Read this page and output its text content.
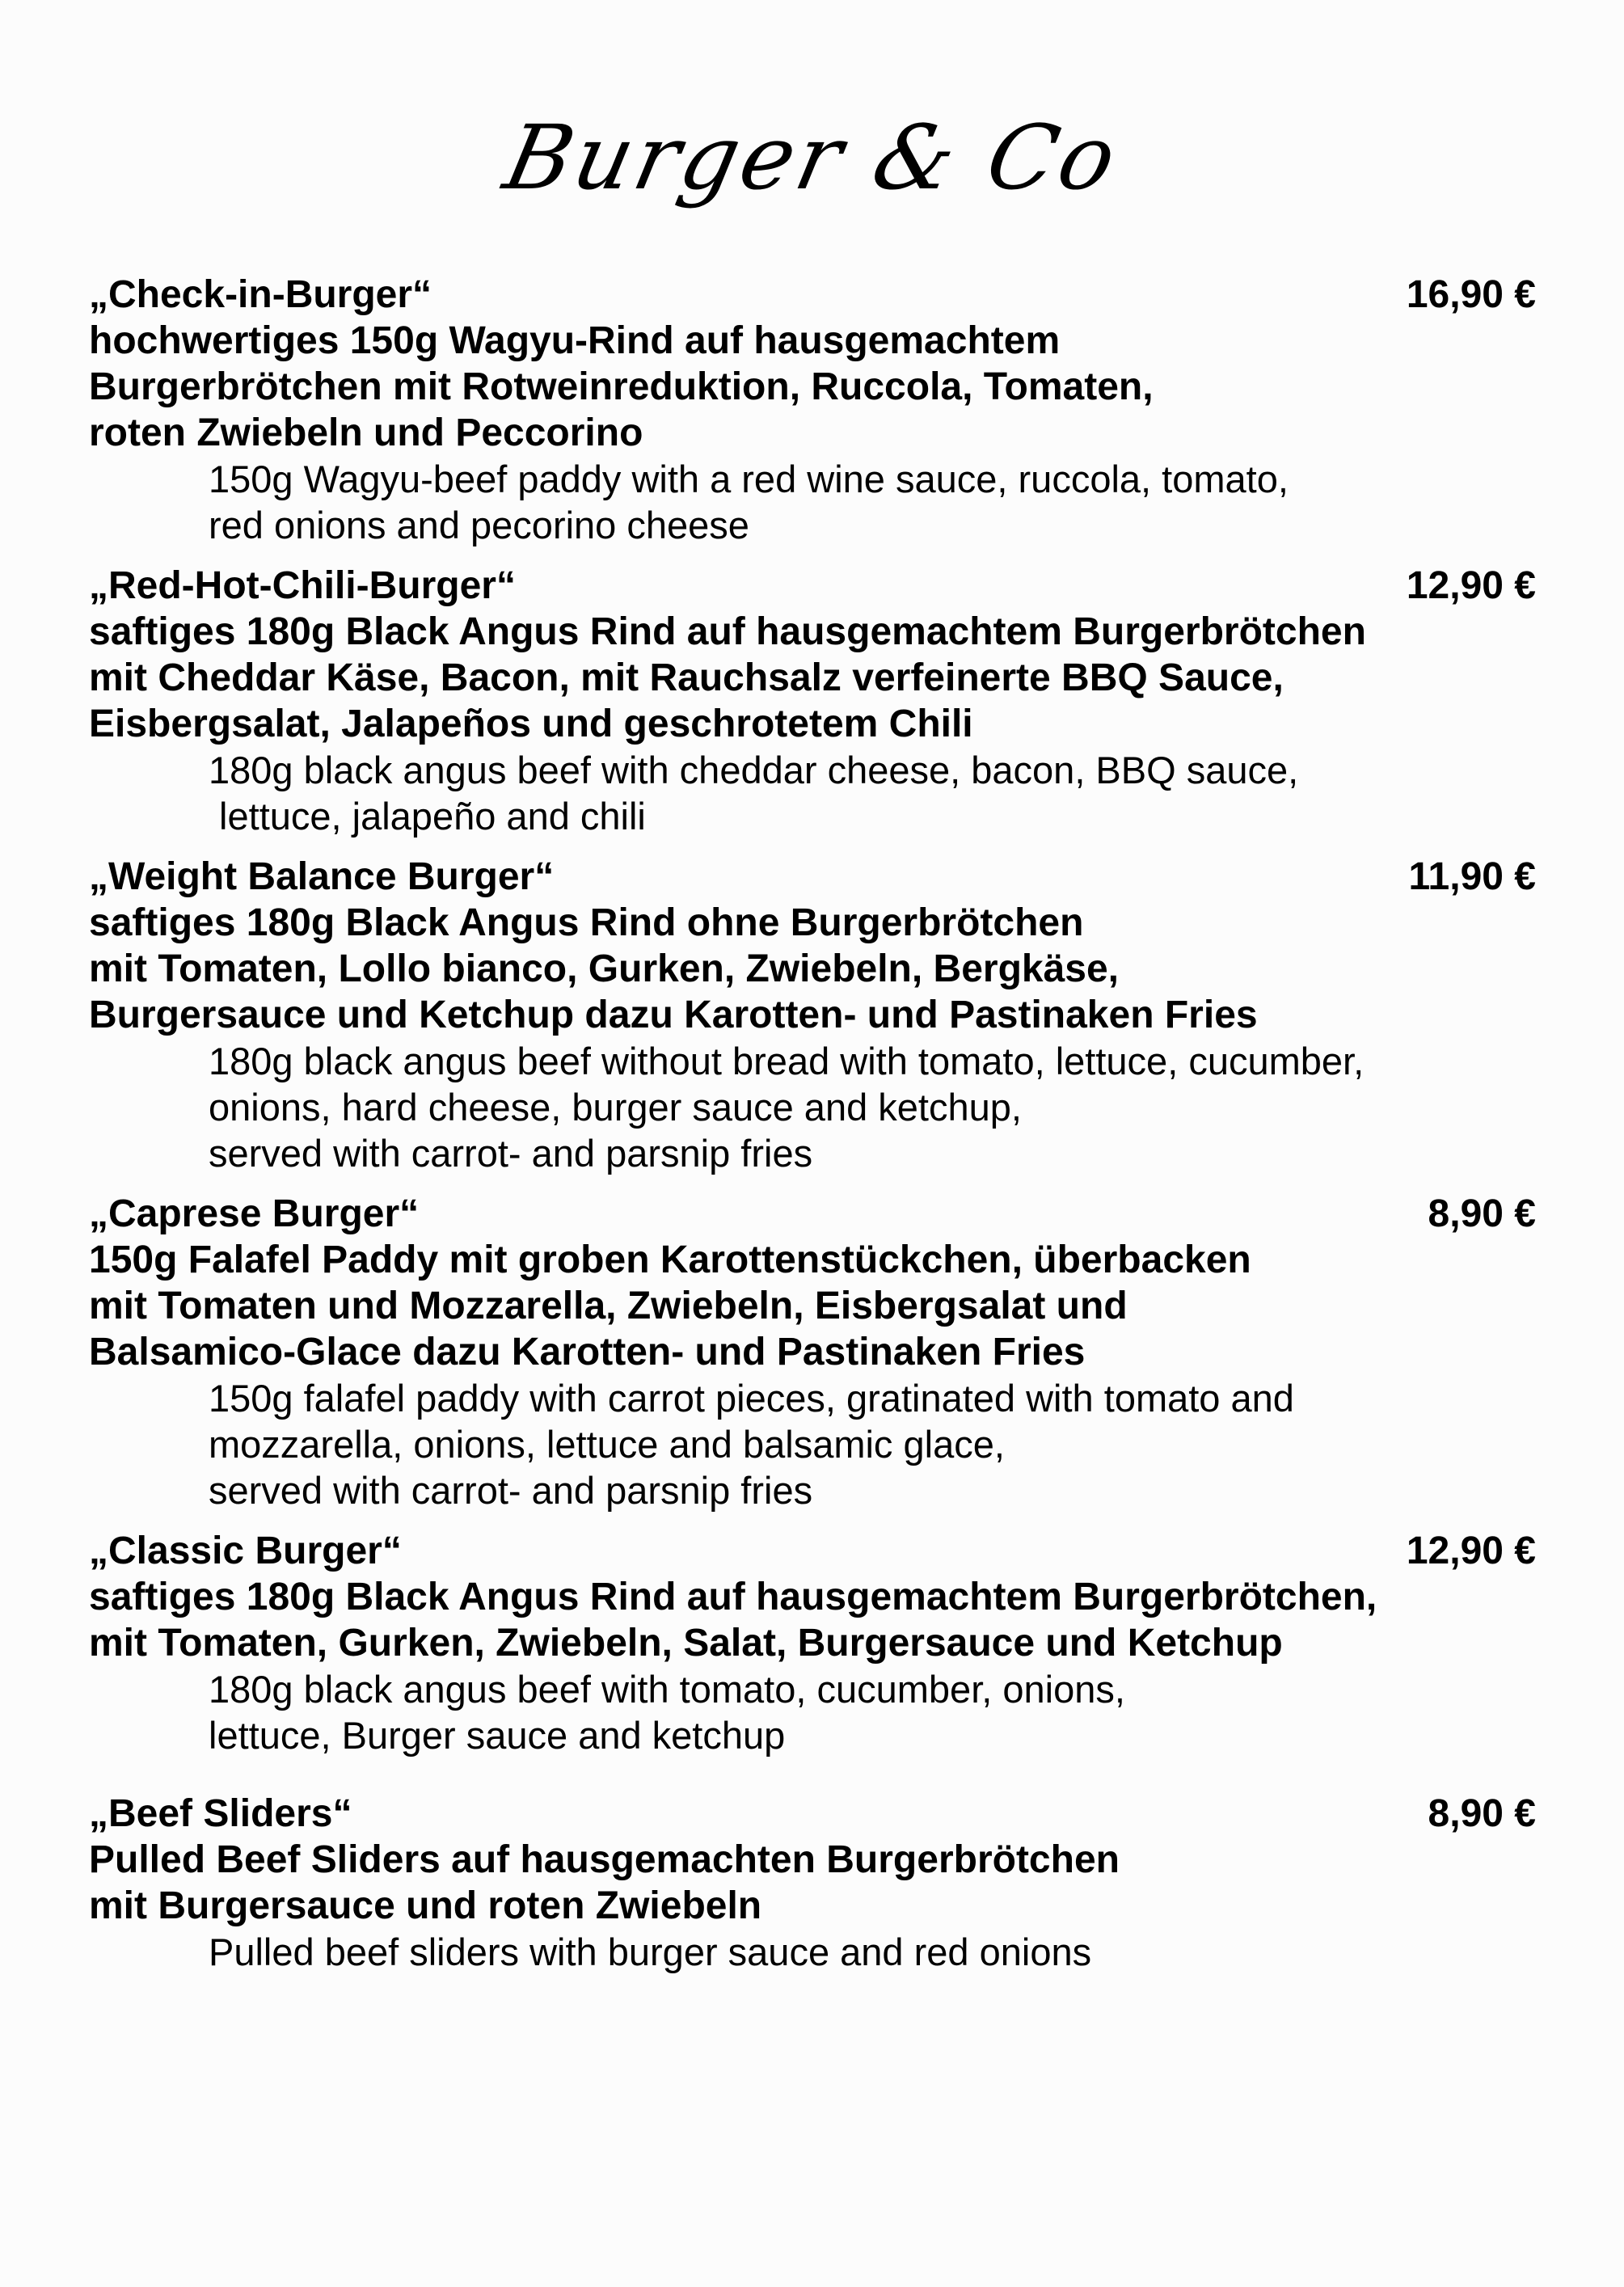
Burger & Co
„Check-in-Burger“	16,90 €
hochwertiges 150g Wagyu-Rind auf hausgemachtem
Burgerbrötchen mit Rotweinreduktion, Ruccola, Tomaten,
roten Zwiebeln und Peccorino
150g Wagyu-beef paddy with a red wine sauce, ruccola, tomato,
red onions and pecorino cheese
„Red-Hot-Chili-Burger“	12,90 €
saftiges 180g Black Angus Rind auf hausgemachtem Burgerbrötchen
mit Cheddar Käse, Bacon, mit Rauchsalz verfeinerte BBQ Sauce,
Eisbergsalat, Jalapeños und geschrotetem Chili
180g black angus beef with cheddar cheese, bacon, BBQ sauce,
lettuce, jalapeño and chili
„Weight Balance Burger“	11,90 €
saftiges 180g Black Angus Rind ohne Burgerbrötchen
mit Tomaten, Lollo bianco, Gurken, Zwiebeln, Bergkäse,
Burgersauce und Ketchup dazu Karotten- und Pastinaken Fries
180g black angus beef without bread with tomato, lettuce, cucumber,
onions, hard cheese, burger sauce and ketchup,
served with carrot- and parsnip fries
„Caprese Burger“	8,90 €
150g Falafel Paddy mit groben Karottenstückchen, überbacken
mit Tomaten und Mozzarella, Zwiebeln, Eisbergsalat und
Balsamico-Glace dazu Karotten- und Pastinaken Fries
150g falafel paddy with carrot pieces, gratinated with tomato and
mozzarella, onions, lettuce and balsamic glace,
served with carrot- and parsnip fries
„Classic Burger“	12,90 €
saftiges 180g Black Angus Rind auf hausgemachtem Burgerbrötchen,
mit Tomaten, Gurken, Zwiebeln, Salat, Burgersauce und Ketchup
180g black angus beef with tomato, cucumber, onions,
lettuce, Burger sauce and ketchup
„Beef Sliders“	8,90 €
Pulled Beef Sliders auf hausgemachten Burgerbrötchen
mit Burgersauce und roten Zwiebeln
Pulled beef sliders with burger sauce and red onions
